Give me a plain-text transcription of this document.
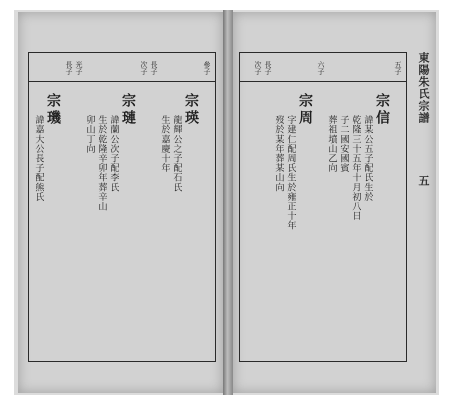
參子
宗瑛
龍輝公之子配石氏
生於嘉慶十年
長子
次子
宗璉
諱蘭公次子配李氏
生於乾隆辛卯年葬辛山
卯山丁向
光子
長子
宗璣
諱嘉大公長子配熊氏
五子
宗信
諱某公五子配氏生於
乾隆三十五年十月初八日
子二國安國賓
葬祖墳山乙向
六子
宗周
字建仁配周氏生於雍正十年
歿於某年葬某山向
長子
次子	東陽朱氏宗譜 五
